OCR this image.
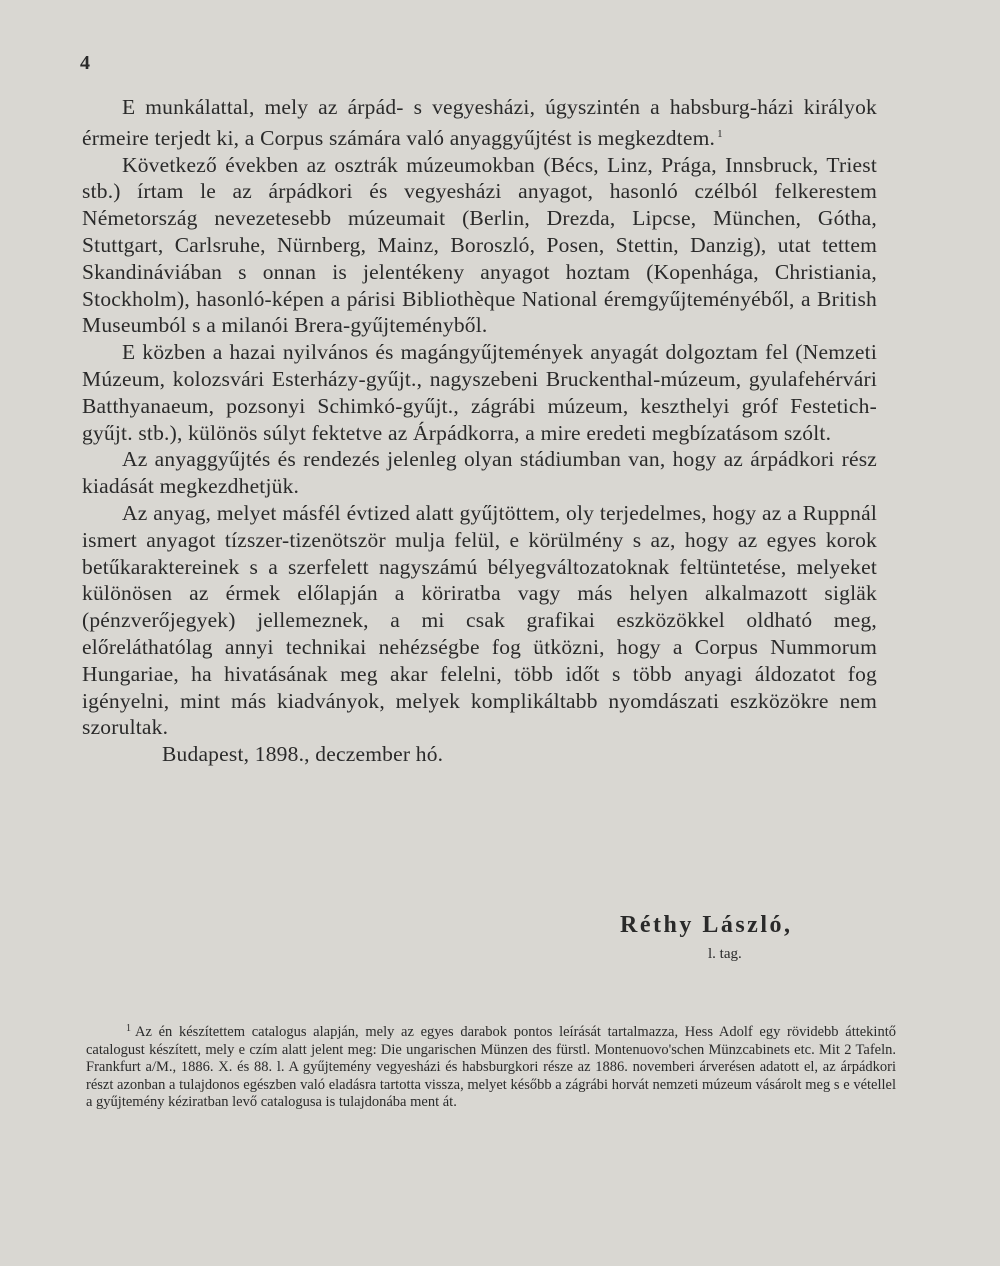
4

E munkálattal, mely az árpád- s vegyesházi, úgyszintén a habsburg-házi királyok érmeire terjedt ki, a Corpus számára való anyaggyűjtést is megkezdtem. $^1$

Következő években az osztrák múzeumokban (Bécs, Linz, Prága, Innsbruck, Triest stb.) írtam le az árpádkori és vegyesházi anyagot, hasonló czélból felkerestem Németország nevezetesebb múzeumait (Berlin, Drezda, Lipcse, München, Gótha, Stuttgart, Carlsruhe, Nürnberg, Mainz, Boroszló, Posen, Stettin, Danzig), utat tettem Skandináviában s onnan is jelentékeny anyagot hoztam (Kopenhága, Christiania, Stockholm), hasonló-képen a párisi Bibliothèque National éremgyűjteményéből, a British Museumból s a milanói Brera-gyűjteményből.

E közben a hazai nyilvános és magángyűjtemények anyagát dolgoztam fel (Nemzeti Múzeum, kolozsvári Esterházy-gyűjt., nagyszebeni Bruckenthal-múzeum, gyulafehérvári Batthyanaeum, pozsonyi Schimkó-gyűjt., zágrábi múzeum, keszthelyi gróf Festetich-gyűjt. stb.), különös súlyt fektetve az Árpádkorra, a mire eredeti megbízatásom szólt.

Az anyaggyűjtés és rendezés jelenleg olyan stádiumban van, hogy az árpádkori rész kiadását megkezdhetjük.

Az anyag, melyet másfél évtized alatt gyűjtöttem, oly terjedelmes, hogy az a Ruppnál ismert anyagot tízszer-tizenötször mulja felül, e körülmény s az, hogy az egyes korok betűkaraktereinek s a szerfelett nagyszámú bélyegváltozatoknak feltüntetése, melyeket különösen az érmek előlapján a köriratba vagy más helyen alkalmazott sigläk (pénzverőjegyek) jellemeznek, a mi csak grafikai eszközökkel oldható meg, előreláthatólag annyi technikai nehézségbe fog ütközni, hogy a Corpus Nummorum Hungariae, ha hivatásának meg akar felelni, több időt s több anyagi áldozatot fog igényelni, mint más kiadványok, melyek komplikáltabb nyomdászati eszközökre nem szorultak.

Budapest, 1898., deczember hó.

Réthy László,
l. tag.

$^1$ Az én készítettem catalogus alapján, mely az egyes darabok pontos leírását tartalmazza, Hess Adolf egy rövidebb áttekintő catalogust készített, mely e czím alatt jelent meg: Die ungarischen Münzen des fürstl. Montenuovo'schen Münzcabinets etc. Mit 2 Tafeln. Frankfurt a/M., 1886. X. és 88. l. A gyűjtemény vegyesházi és habsburgkori része az 1886. novemberi árverésen adatott el, az árpádkori részt azonban a tulajdonos egészben való eladásra tartotta vissza, melyet később a zágrábi horvát nemzeti múzeum vásárolt meg s e vétellel a gyűjtemény kéziratban levő catalogusa is tulajdonába ment át.
